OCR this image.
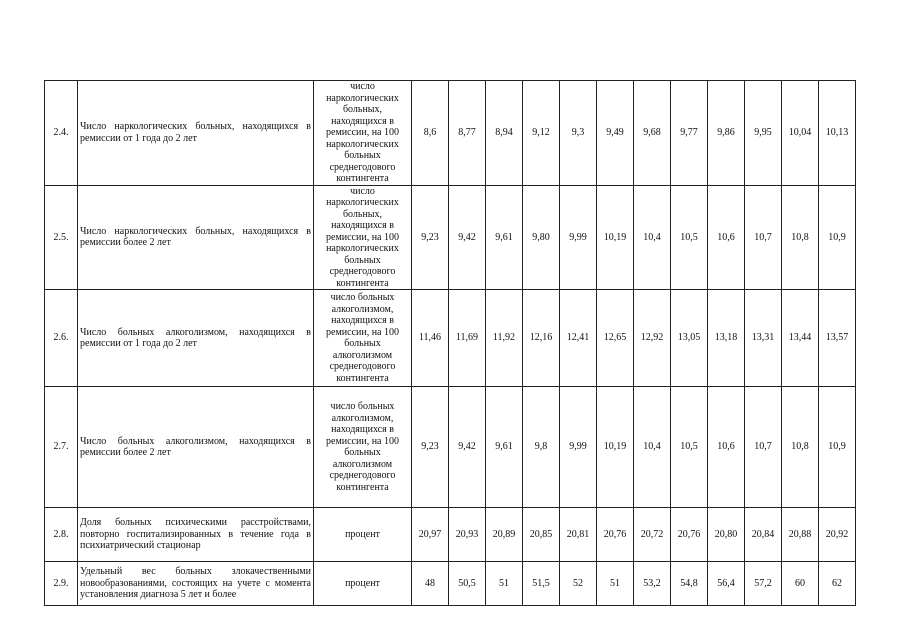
2.4.	Число наркологических больных, находящихся в ремиссии от 1 года до 2 лет	число наркологических больных, находящихся в ремиссии, на 100 наркологических больных среднегодового контингента	8,6	8,77	8,94	9,12	9,3	9,49	9,68	9,77	9,86	9,95	10,04	10,13
2.5.	Число наркологических больных, находящихся в ремиссии более 2 лет	число наркологических больных, находящихся в ремиссии, на 100 наркологических больных среднегодового контингента	9,23	9,42	9,61	9,80	9,99	10,19	10,4	10,5	10,6	10,7	10,8	10,9
2.6.	Число больных алкоголизмом, находящихся в ремиссии от 1 года до 2 лет	число больных алкоголизмом, находящихся в ремиссии, на 100 больных алкоголизмом среднегодового контингента	11,46	11,69	11,92	12,16	12,41	12,65	12,92	13,05	13,18	13,31	13,44	13,57
2.7.	Число больных алкоголизмом, находящихся в ремиссии более 2 лет	число больных алкоголизмом, находящихся в ремиссии, на 100 больных алкоголизмом среднегодового контингента	9,23	9,42	9,61	9,8	9,99	10,19	10,4	10,5	10,6	10,7	10,8	10,9
2.8.	Доля больных психическими расстройствами, повторно госпитализированных в течение года в психиатрический стационар	процент	20,97	20,93	20,89	20,85	20,81	20,76	20,72	20,76	20,80	20,84	20,88	20,92
2.9.	Удельный вес больных злокачественными новообразованиями, состоящих на учете с момента установления диагноза 5 лет и более	процент	48	50,5	51	51,5	52	51	53,2	54,8	56,4	57,2	60	62
